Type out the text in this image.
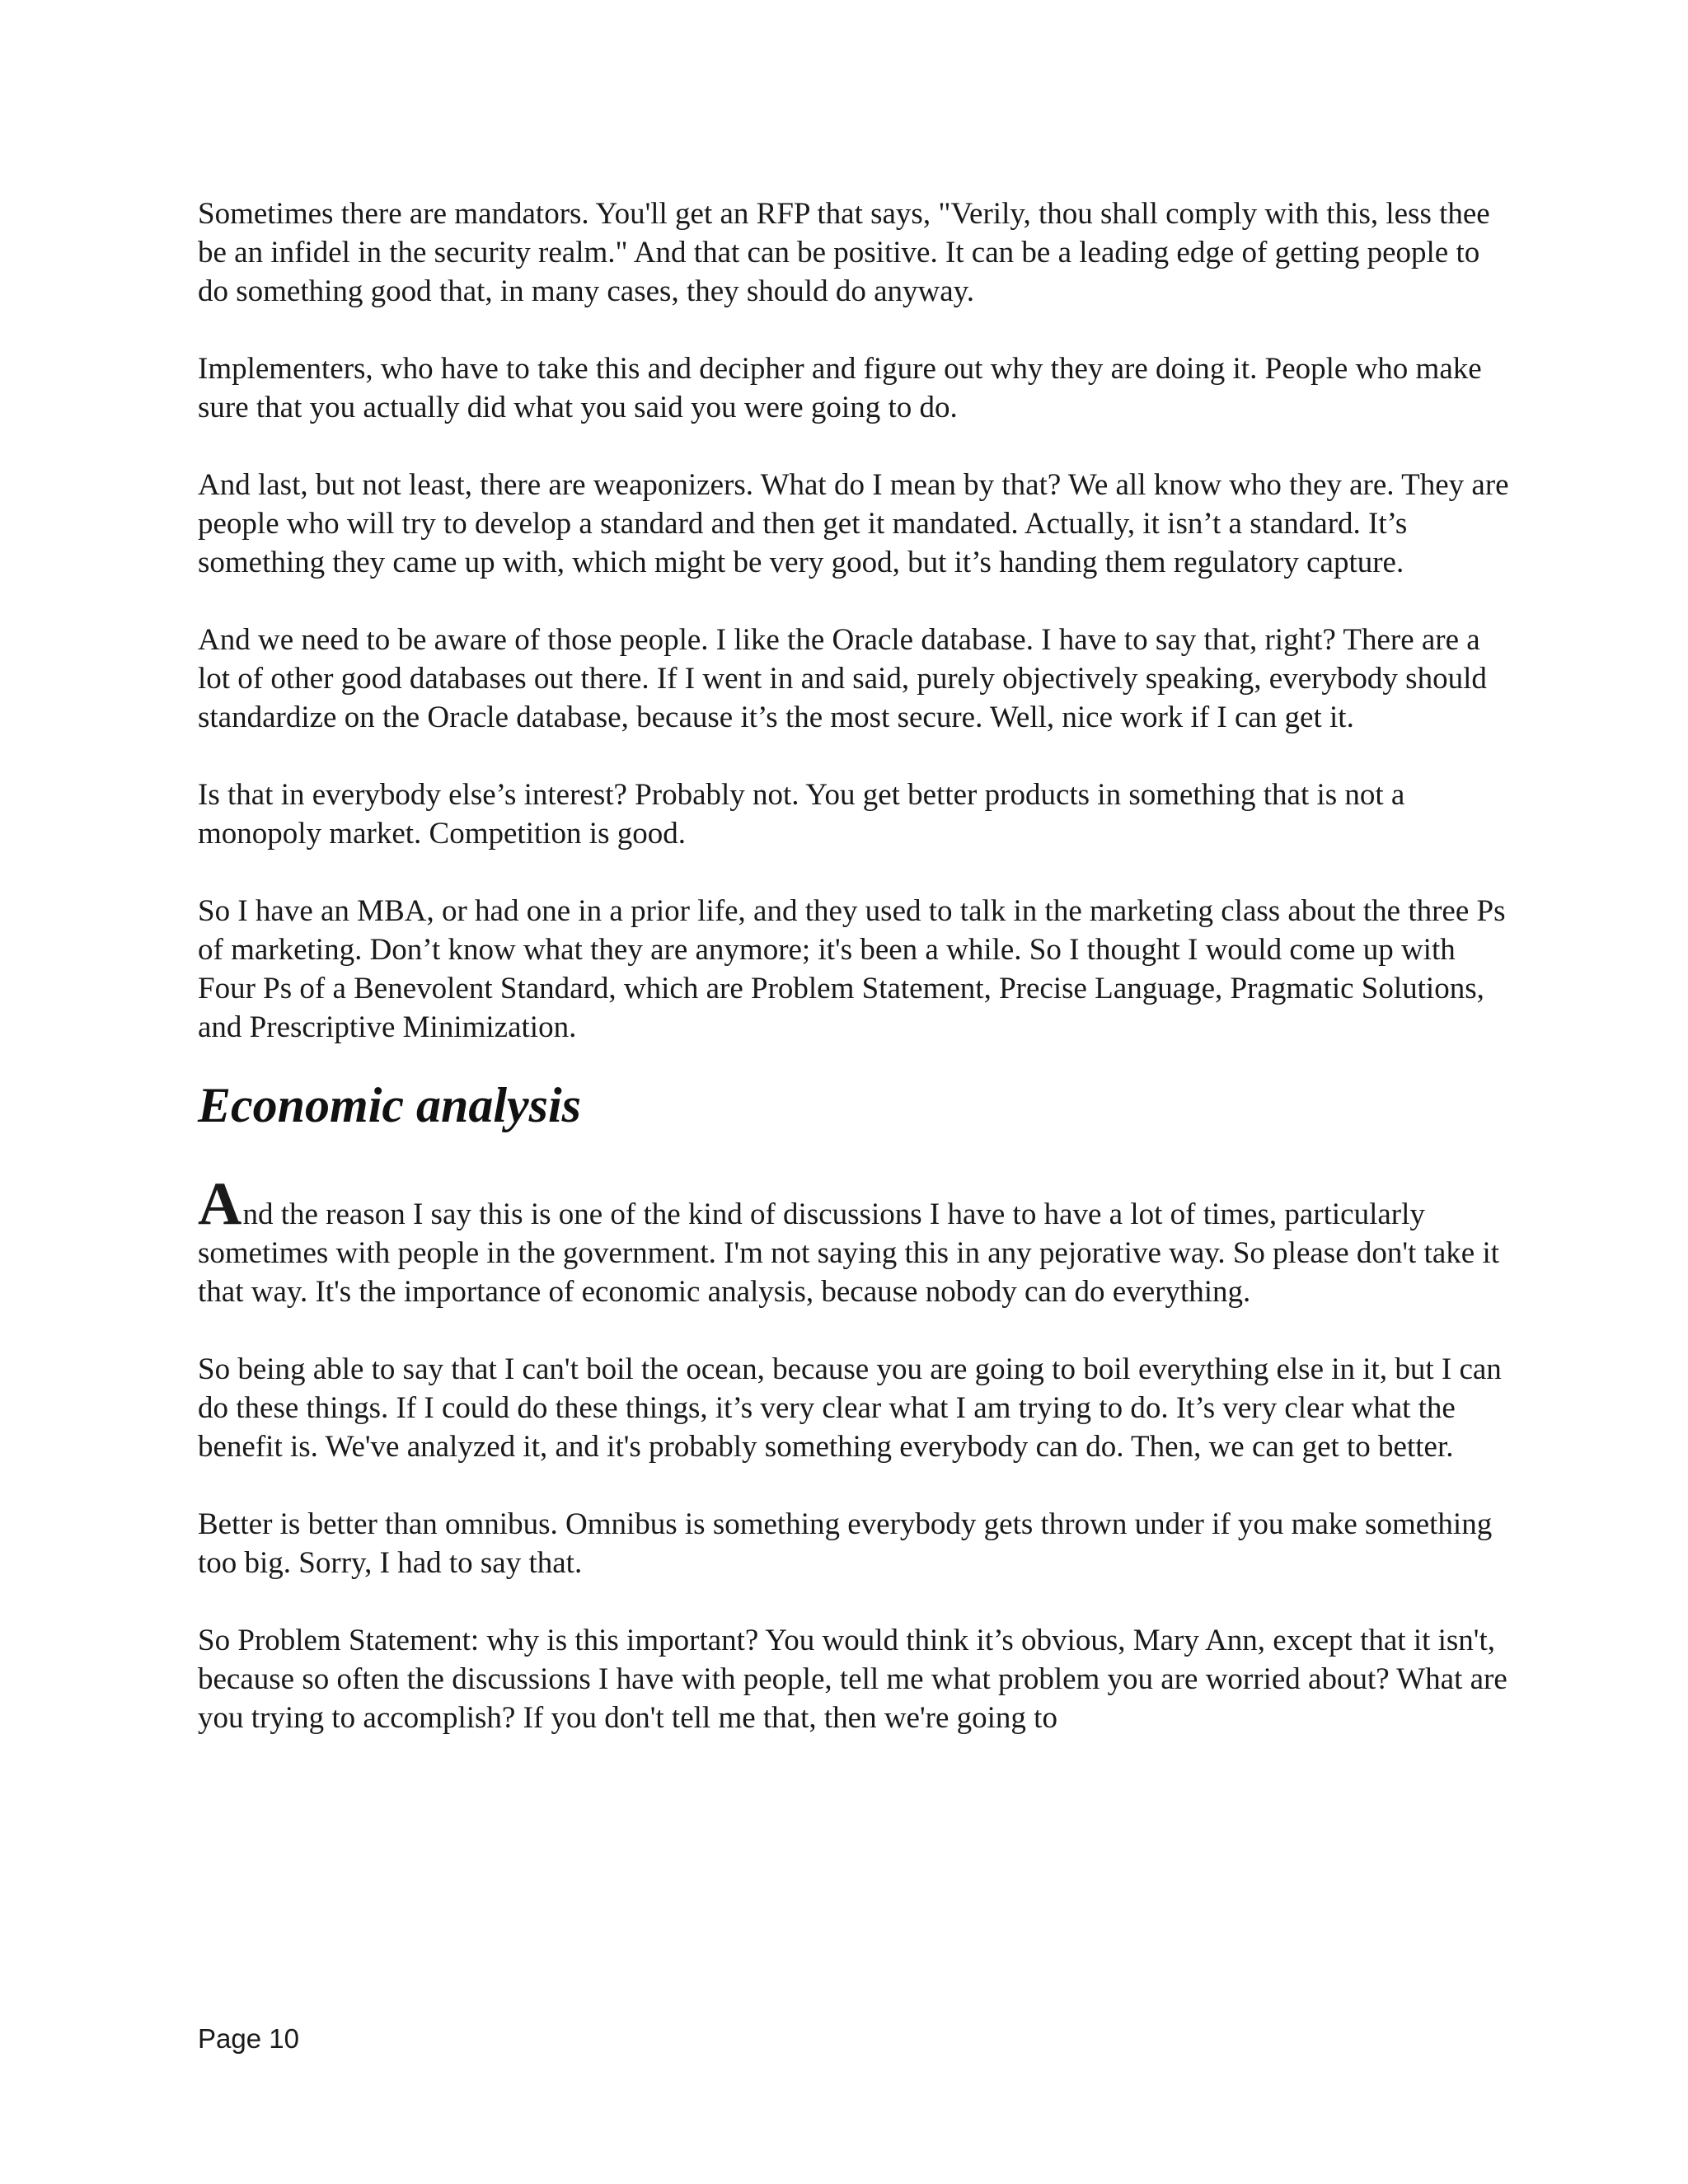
Sometimes there are mandators. You'll get an RFP that says, "Verily, thou shall comply with this, less thee be an infidel in the security realm." And that can be positive. It can be a leading edge of getting people to do something good that, in many cases, they should do anyway.

Implementers, who have to take this and decipher and figure out why they are doing it. People who make sure that you actually did what you said you were going to do.

And last, but not least, there are weaponizers. What do I mean by that? We all know who they are. They are people who will try to develop a standard and then get it mandated. Actually, it isn’t a standard. It’s something they came up with, which might be very good, but it’s handing them regulatory capture.

And we need to be aware of those people. I like the Oracle database. I have to say that, right? There are a lot of other good databases out there. If I went in and said, purely objectively speaking, everybody should standardize on the Oracle database, because it’s the most secure. Well, nice work if I can get it.

Is that in everybody else’s interest? Probably not. You get better products in something that is not a monopoly market. Competition is good.

So I have an MBA, or had one in a prior life, and they used to talk in the marketing class about the three Ps of marketing. Don’t know what they are anymore; it's been a while. So I thought I would come up with Four Ps of a Benevolent Standard, which are Problem Statement, Precise Language, Pragmatic Solutions, and Prescriptive Minimization.

Economic analysis

And the reason I say this is one of the kind of discussions I have to have a lot of times, particularly sometimes with people in the government. I'm not saying this in any pejorative way. So please don't take it that way. It's the importance of economic analysis, because nobody can do everything.

So being able to say that I can't boil the ocean, because you are going to boil everything else in it, but I can do these things. If I could do these things, it’s very clear what I am trying to do. It’s very clear what the benefit is. We've analyzed it, and it's probably something everybody can do. Then, we can get to better.

Better is better than omnibus. Omnibus is something everybody gets thrown under if you make something too big. Sorry, I had to say that.

So Problem Statement: why is this important? You would think it’s obvious, Mary Ann, except that it isn't, because so often the discussions I have with people, tell me what problem you are worried about? What are you trying to accomplish? If you don't tell me that, then we're going to

Page 10
